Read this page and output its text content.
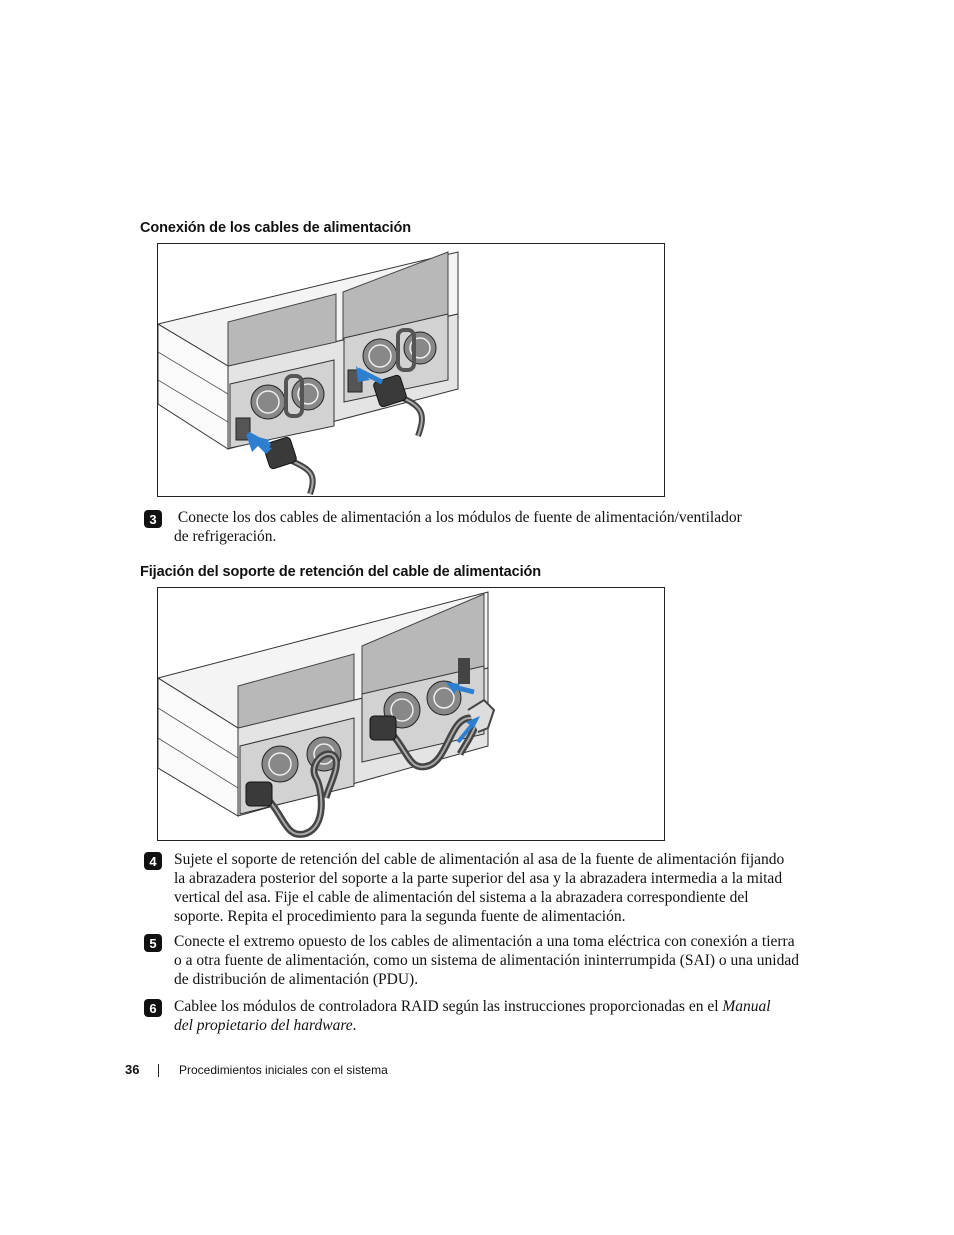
Conexión de los cables de alimentación
3	Conecte los dos cables de alimentación a los módulos de fuente de alimentación/ventilador

de refrigeración.

Fijación del soporte de retención del cable de alimentación
4	Sujete el soporte de retención del cable de alimentación al asa de la fuente de alimentación fijando

la abrazadera posterior del soporte a la parte superior del asa y la abrazadera intermedia a la mitad

vertical del asa. Fije el cable de alimentación del sistema a la abrazadera correspondiente del

soporte. Repita el procedimiento para la segunda fuente de alimentación.

5	Conecte el extremo opuesto de los cables de alimentación a una toma eléctrica con conexión a tierra

o a otra fuente de alimentación, como un sistema de alimentación ininterrumpida (SAI) o una unidad

de distribución de alimentación (PDU).

6	Cablee los módulos de controladora RAID según las instrucciones proporcionadas en el Manual

del propietario del hardware.

36	Procedimientos iniciales con el sistema
